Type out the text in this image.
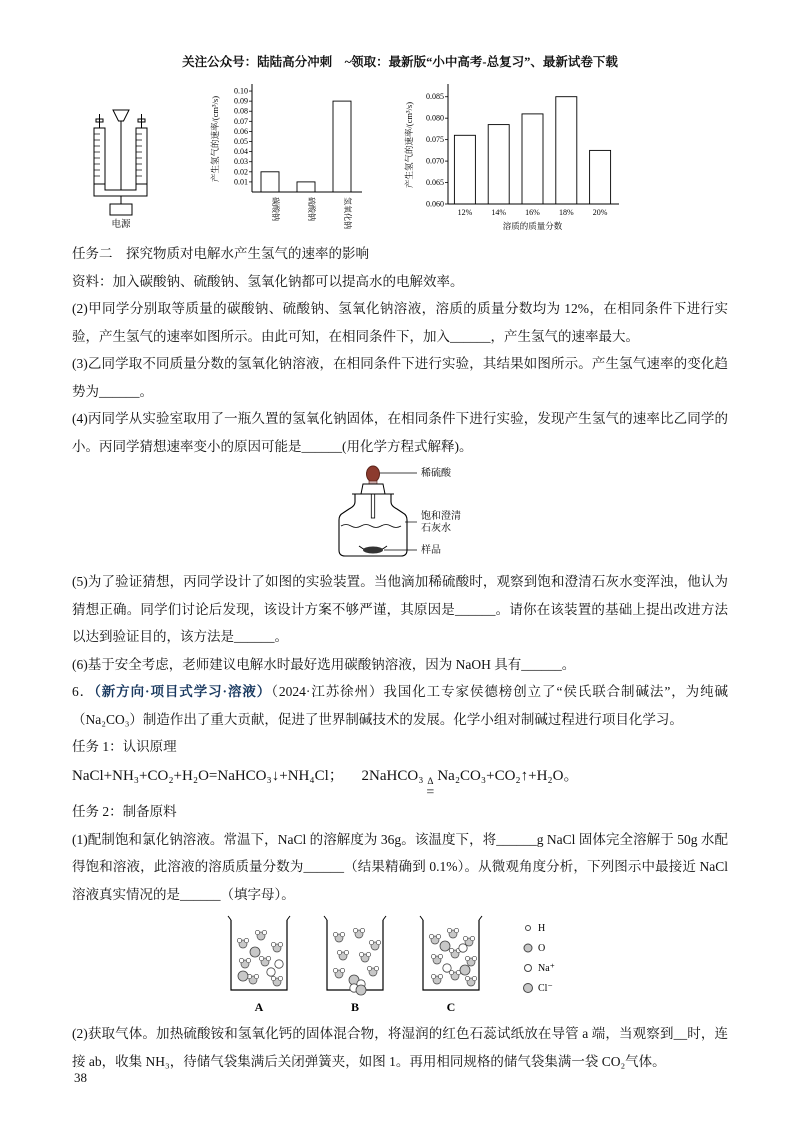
关注公众号：陆陆高分冲刺　~领取：最新版“小中高考-总复习”、最新试卷下载
电源
0.01
0.02
0.03
0.04
0.05
0.06
0.07
0.08
0.09
0.10
碳酸钠	硫酸钠	氢氧化钠
产生氢气的速率/(cm³/s)
0.060
0.065
0.070
0.075
0.080
0.085
12% 14% 16% 18% 20%
产生氢气的速率/(cm³/s)
溶质的质量分数

任务二　探究物质对电解水产生氢气的速率的影响

资料：加入碳酸钠、硫酸钠、氢氧化钠都可以提高水的电解效率。

(2)甲同学分别取等质量的碳酸钠、硫酸钠、氢氧化钠溶液，溶质的质量分数均为 12%，在相同条件下进行实验，产生氢气的速率如图所示。由此可知，在相同条件下，加入______，产生氢气的速率最大。

(3)乙同学取不同质量分数的氢氧化钠溶液，在相同条件下进行实验，其结果如图所示。产生氢气速率的变化趋势为______。

(4)丙同学从实验室取用了一瓶久置的氢氧化钠固体，在相同条件下进行实验，发现产生氢气的速率比乙同学的小。丙同学猜想速率变小的原因可能是______(用化学方程式解释)。

稀硫酸
饱和澄清
石灰水
样品

(5)为了验证猜想，丙同学设计了如图的实验装置。当他滴加稀硫酸时，观察到饱和澄清石灰水变浑浊，他认为猜想正确。同学们讨论后发现，该设计方案不够严谨，其原因是______。请你在该装置的基础上提出改进方法以达到验证目的，该方法是______。

(6)基于安全考虑，老师建议电解水时最好选用碳酸钠溶液，因为 NaOH 具有______。

6．（新方向·项目式学习·溶液）（2024·江苏徐州）我国化工专家侯德榜创立了“侯氏联合制碱法”，为纯碱（Na₂CO₃）制造作出了重大贡献，促进了世界制碱技术的发展。化学小组对制碱过程进行项目化学习。

任务 1：认识原理

NaCl+NH₃+CO₂+H₂O=NaHCO₃↓+NH₄Cl； 2NaHCO₃ Δ
=
Na₂CO₃+CO₂↑+H₂O。

任务 2：制备原料

(1)配制饱和氯化钠溶液。常温下，NaCl 的溶解度为 36g。该温度下，将______g NaCl 固体完全溶解于 50g 水配得饱和溶液，此溶液的溶质质量分数为______（结果精确到 0.1%）。从微观角度分析，下列图示中最接近 NaCl 溶液真实情况的是______（填字母）。

A	B	C
H
O
Na⁺
Cl⁻

(2)获取气体。加热硫酸铵和氢氧化钙的固体混合物，将湿润的红色石蕊试纸放在导管 a 端，当观察到__时，连接 ab，收集 NH₃，待储气袋集满后关闭弹簧夹，如图 1。再用相同规格的储气袋集满一袋 CO₂气体。

38
